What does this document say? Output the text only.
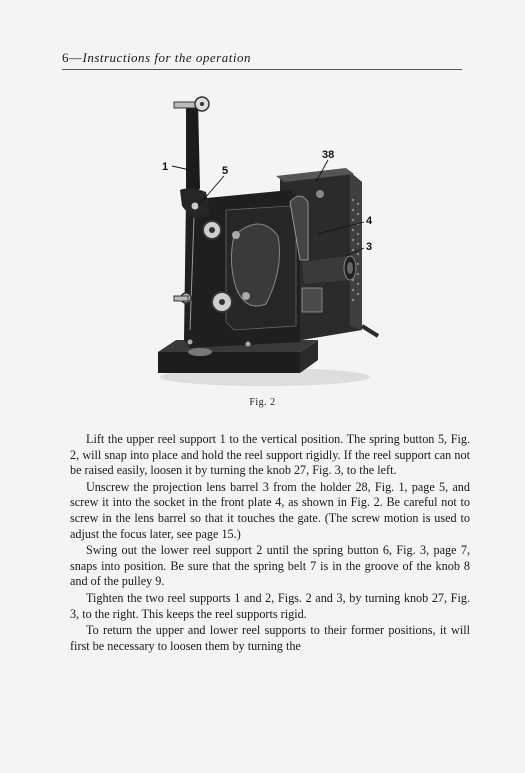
6—Instructions for the operation
1	5
38
4
3
Fig. 2

Lift the upper reel support 1 to the vertical position. The spring button 5, Fig. 2, will snap into place and hold the reel support rigidly. If the reel support can not be raised easily, loosen it by turning the knob 27, Fig. 3, to the left.

Unscrew the projection lens barrel 3 from the holder 28, Fig. 1, page 5, and screw it into the socket in the front plate 4, as shown in Fig. 2. Be careful not to screw in the lens barrel so that it touches the gate. (The screw motion is used to adjust the focus later, see page 15.)

Swing out the lower reel support 2 until the spring button 6, Fig. 3, page 7, snaps into position. Be sure that the spring belt 7 is in the groove of the knob 8 and of the pulley 9.

Tighten the two reel supports 1 and 2, Figs. 2 and 3, by turning knob 27, Fig. 3, to the right. This keeps the reel supports rigid.

To return the upper and lower reel supports to their former positions, it will first be necessary to loosen them by turning the
